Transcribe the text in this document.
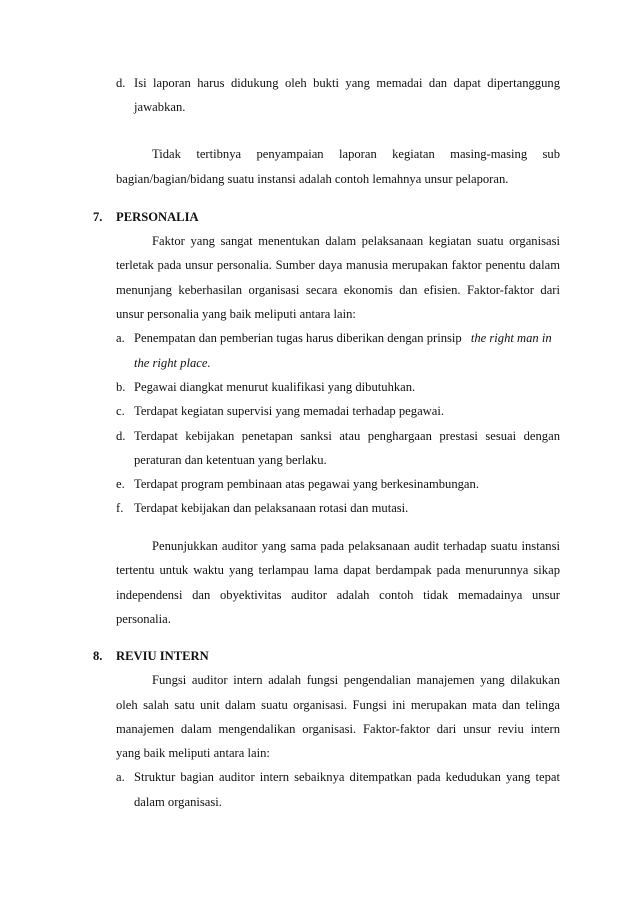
d. Isi laporan harus didukung oleh bukti yang memadai dan dapat dipertanggung
jawabkan.
Tidak tertibnya penyampaian laporan kegiatan masing-masing sub
bagian/bagian/bidang suatu instansi adalah contoh lemahnya unsur pelaporan.
7. PERSONALIA
Faktor yang sangat menentukan dalam pelaksanaan kegiatan suatu organisasi
terletak pada unsur personalia. Sumber daya manusia merupakan faktor penentu dalam
menunjang keberhasilan organisasi secara ekonomis dan efisien. Faktor-faktor dari
unsur personalia yang baik meliputi antara lain:
a. Penempatan dan pemberian tugas harus diberikan dengan prinsip the right man in
the right place.
b. Pegawai diangkat menurut kualifikasi yang dibutuhkan.
c. Terdapat kegiatan supervisi yang memadai terhadap pegawai.
d. Terdapat kebijakan penetapan sanksi atau penghargaan prestasi sesuai dengan
peraturan dan ketentuan yang berlaku.
e. Terdapat program pembinaan atas pegawai yang berkesinambungan.
f. Terdapat kebijakan dan pelaksanaan rotasi dan mutasi.
Penunjukkan auditor yang sama pada pelaksanaan audit terhadap suatu instansi
tertentu untuk waktu yang terlampau lama dapat berdampak pada menurunnya sikap
independensi dan obyektivitas auditor adalah contoh tidak memadainya unsur
personalia.
8. REVIU INTERN
Fungsi auditor intern adalah fungsi pengendalian manajemen yang dilakukan
oleh salah satu unit dalam suatu organisasi. Fungsi ini merupakan mata dan telinga
manajemen dalam mengendalikan organisasi. Faktor-faktor dari unsur reviu intern
yang baik meliputi antara lain:
a. Struktur bagian auditor intern sebaiknya ditempatkan pada kedudukan yang tepat
dalam organisasi.
